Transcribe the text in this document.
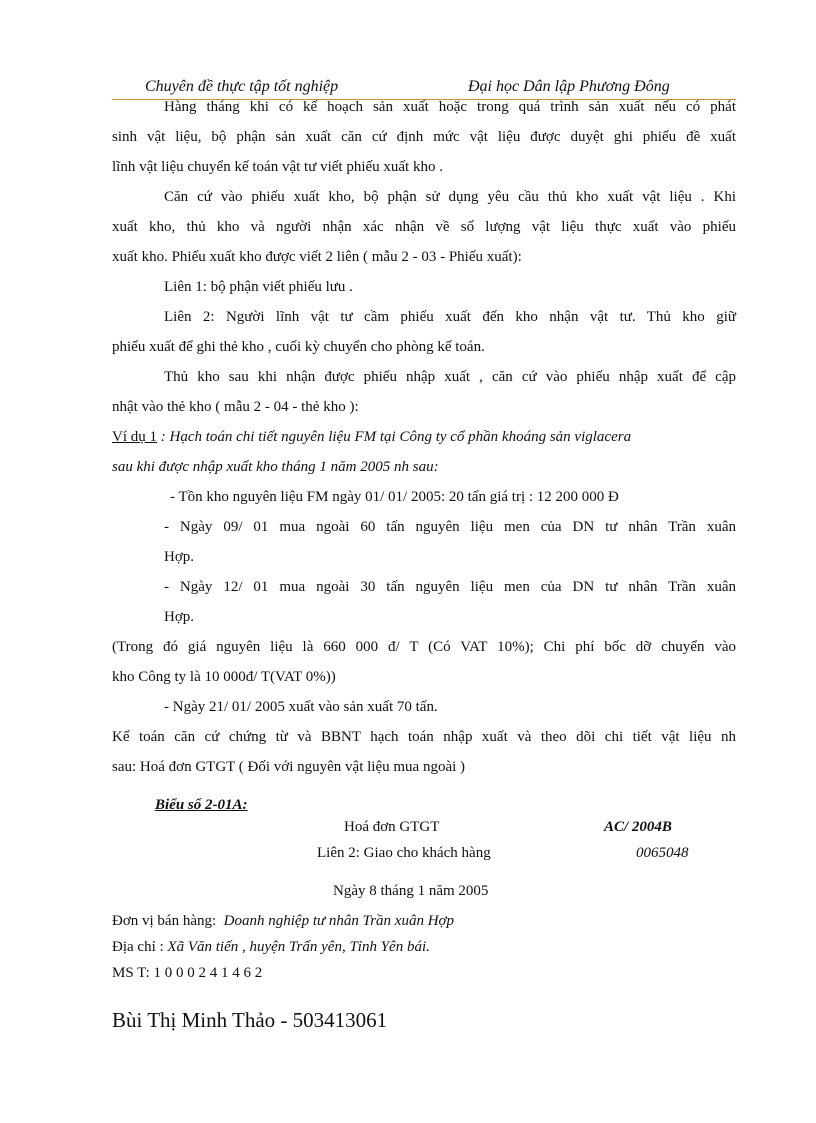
Chuyên đề thực tập tốt nghiệp	Đại học Dân lập Phương Đông
Hàng tháng khi có kế hoạch sản xuất hoặc trong quá trình sản xuất nếu có phát
sinh vật liệu, bộ phận sản xuất căn cứ định mức vật liệu được duyệt ghi phiếu đề xuất
lĩnh vật liệu chuyển kế toán vật tư viết phiếu xuất kho .
Căn cứ vào phiếu xuất kho, bộ phận sử dụng yêu cầu thủ kho xuất vật liệu . Khi
xuất kho, thủ kho và người nhận xác nhận về số lượng vật liệu thực xuất vào phiếu
xuất kho. Phiếu xuất kho được viết 2 liên ( mẫu 2 - 03 - Phiếu xuất):
Liên 1: bộ phận viết phiếu lưu .
Liên 2: Người lĩnh vật tư cầm phiếu xuất đến kho nhận vật tư. Thủ kho giữ
phiếu xuất để ghi thẻ kho , cuối kỳ chuyển cho phòng kế toán.
Thủ kho sau khi nhận được phiếu nhập xuất , căn cứ vào phiếu nhập xuất để cập
nhật vào thẻ kho ( mẫu 2 - 04 - thẻ kho ):
Ví dụ 1 : Hạch toán chi tiết nguyên liệu FM tại Công ty cổ phần khoáng sản viglacera
sau khi được nhập xuất kho tháng 1 năm 2005 nh sau:
- Tồn kho nguyên liệu FM ngày 01/ 01/ 2005: 20 tấn giá trị : 12 200 000 Đ
- Ngày 09/ 01 mua ngoài 60 tấn nguyên liệu men của DN tư nhân Trần xuân
Hợp.
- Ngày 12/ 01 mua ngoài 30 tấn nguyên liệu men của DN tư nhân Trần xuân
Hợp.
(Trong đó giá nguyên liệu là 660 000 đ/ T (Có VAT 10%); Chi phí bốc dỡ chuyển vào
kho Công ty là 10 000đ/ T(VAT 0%))
- Ngày 21/ 01/ 2005 xuất vào sản xuất 70 tấn.
Kế toán căn cứ chứng từ và BBNT hạch toán nhập xuất và theo dõi chi tiết vật liệu nh
sau: Hoá đơn GTGT ( Đối với nguyên vật liệu mua ngoài )
Biểu số 2-01A:
Hoá đơn GTGT	AC/ 2004B
Liên 2: Giao cho khách hàng	0065048
Ngày 8 tháng 1 năm 2005
Đơn vị bán hàng: Doanh nghiệp tư nhân Trần xuân Hợp
Địa chỉ : Xã Văn tiến , huyện Trấn yên, Tỉnh Yên bái.
MS T: 1 0 0 0 2 4 1 4 6 2
Bùi Thị Minh Thảo - 503413061
